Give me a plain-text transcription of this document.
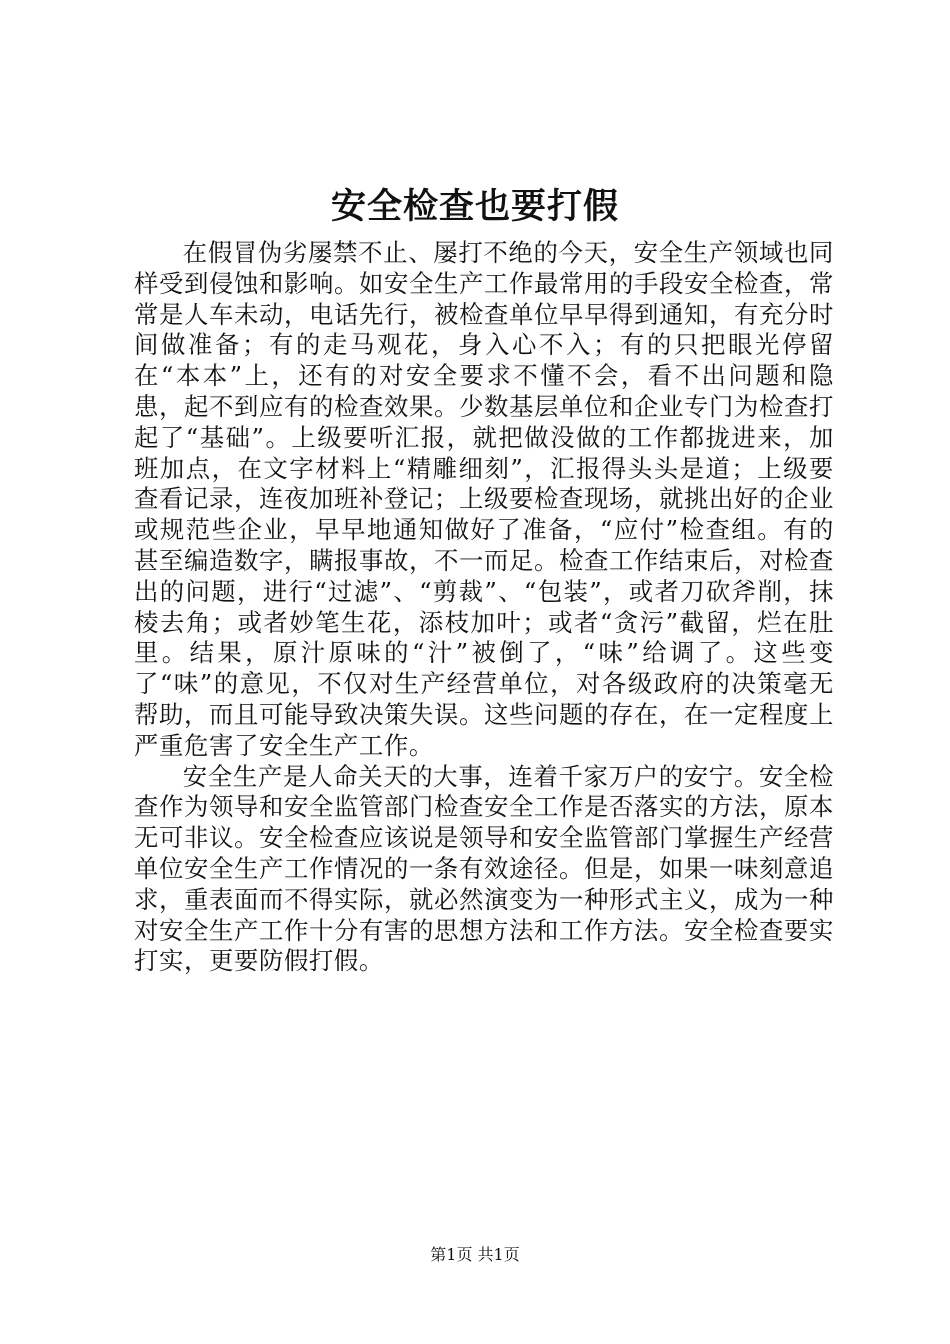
安全检查也要打假

在假冒伪劣屡禁不止、屡打不绝的今天，安全生产领域也同样受到侵蚀和影响。如安全生产工作最常用的手段安全检查，常常是人车未动，电话先行，被检查单位早早得到通知，有充分时间做准备；有的走马观花，身入心不入；有的只把眼光停留在“本本”上，还有的对安全要求不懂不会，看不出问题和隐患，起不到应有的检查效果。少数基层单位和企业专门为检查打起了“基础”。上级要听汇报，就把做没做的工作都拢进来，加班加点，在文字材料上“精雕细刻”，汇报得头头是道；上级要查看记录，连夜加班补登记；上级要检查现场，就挑出好的企业或规范些企业，早早地通知做好了准备，“应付”检查组。有的甚至编造数字，瞒报事故，不一而足。检查工作结束后，对检查出的问题，进行“过滤”、“剪裁”、“包装”，或者刀砍斧削，抹棱去角；或者妙笔生花，添枝加叶；或者“贪污”截留，烂在肚里。结果，原汁原味的“汁”被倒了，“味”给调了。这些变了“味”的意见，不仅对生产经营单位，对各级政府的决策毫无帮助，而且可能导致决策失误。这些问题的存在，在一定程度上严重危害了安全生产工作。

安全生产是人命关天的大事，连着千家万户的安宁。安全检查作为领导和安全监管部门检查安全工作是否落实的方法，原本无可非议。安全检查应该说是领导和安全监管部门掌握生产经营单位安全生产工作情况的一条有效途径。但是，如果一味刻意追求，重表面而不得实际，就必然演变为一种形式主义，成为一种对安全生产工作十分有害的思想方法和工作方法。安全检查要实打实，更要防假打假。

第1页 共1页
